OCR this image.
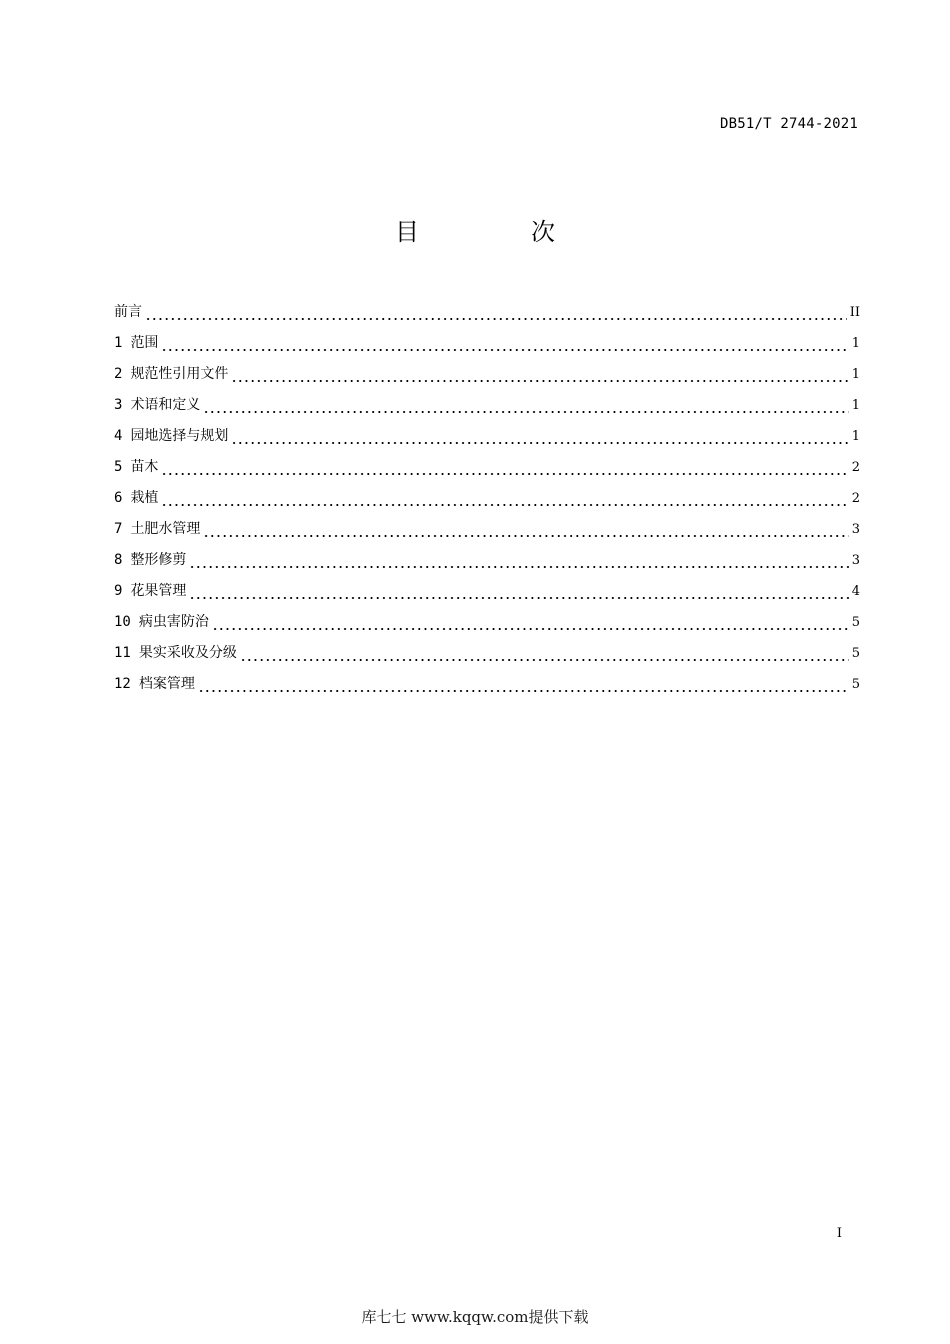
DB51/T 2744-2021
目　次
前言	II
1 范围	1
2 规范性引用文件	1
3 术语和定义	1
4 园地选择与规划	1
5 苗木	2
6 栽植	2
7 土肥水管理	3
8 整形修剪	3
9 花果管理	4
10 病虫害防治	5
11 果实采收及分级	5
12 档案管理	5
I
库七七 www.kqqw.com提供下载
